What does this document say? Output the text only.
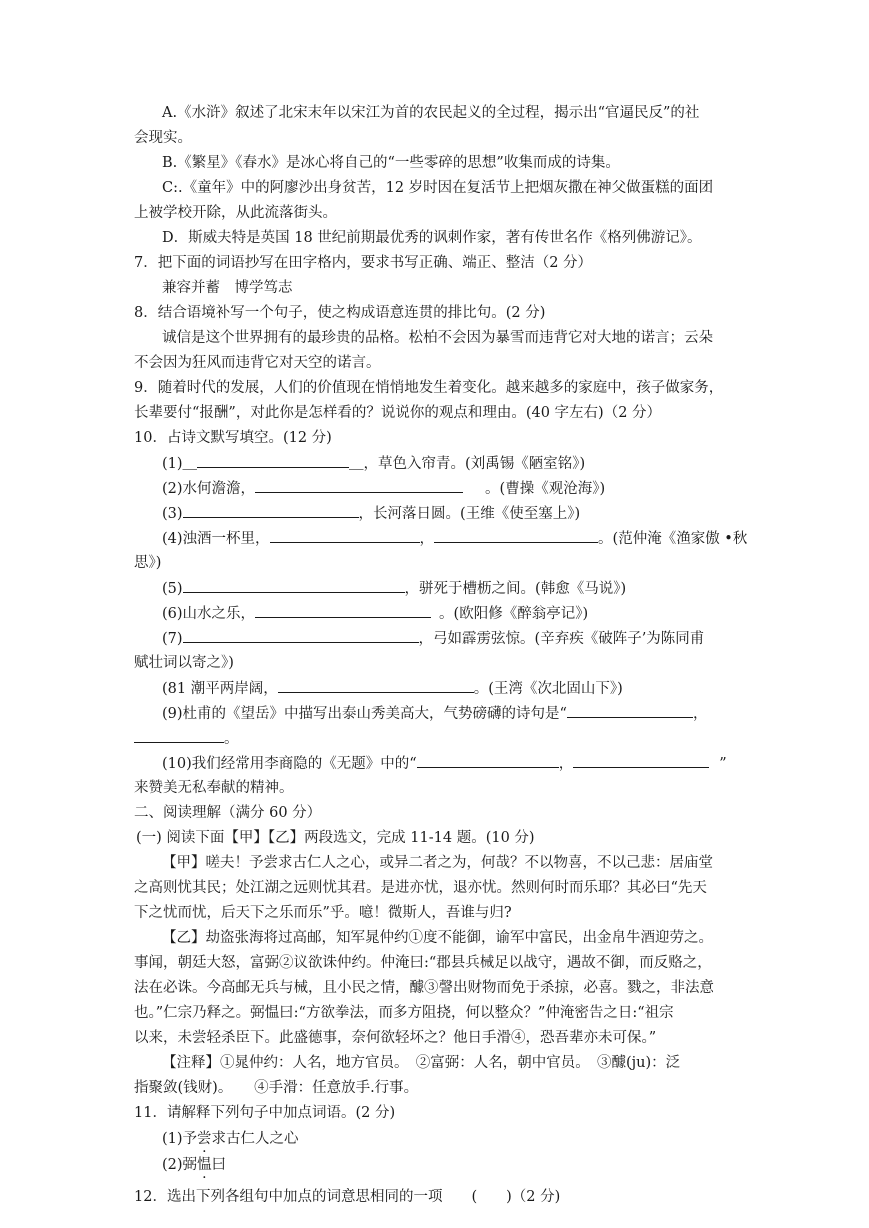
A.《水浒》叙述了北宋末年以宋江为首的农民起义的全过程，揭示出“官逼民反”的社
会现实。
B.《繁星》《春水》是冰心将自己的“一些零碎的思想”收集而成的诗集。
C:.《童年》中的阿廖沙出身贫苦，12 岁时因在复活节上把烟灰撒在神父做蛋糕的面团
上被学校开除，从此流落街头。
D．斯威夫特是英国 18 世纪前期最优秀的讽刺作家，著有传世名作《格列佛游记》。
7．把下面的词语抄写在田字格内，要求书写正确、端正、整洁（2 分）
兼容并蓄　博学笃志
8．结合语境补写一个句子，使之构成语意连贯的排比句。(2 分)
诚信是这个世界拥有的最珍贵的品格。松柏不会因为暴雪而违背它对大地的诺言；云朵
不会因为狂风而违背它对天空的诺言。
9．随着时代的发展，人们的价值现在悄悄地发生着变化。越来越多的家庭中，孩子做家务，
长辈要付“报酬”，对此你是怎样看的？说说你的观点和理由。(40 字左右)（2 分）
10．占诗文默写填空。(12 分)
(1)＿	＿，草色入帘青。(刘禹锡《陋室铭》)
(2)水何澹澹，	。(曹操《观沧海》)
(3)	，长河落日圆。(王维《使至塞上》)
(4)浊酒一杯里，	，	。(范仲淹《渔家傲 •秋
思》)
(5)	，骈死于槽枥之间。(韩愈《马说》)
(6)山水之乐，	。(欧阳修《醉翁亭记》)
(7)	，弓如霹雳弦惊。(辛弃疾《破阵子’为陈同甫
赋壮词以寄之》)
(81 潮平两岸阔，	。(王湾《次北固山下》)
(9)杜甫的《望岳》中描写出泰山秀美高大，气势磅礴的诗句是“	，
。
(10)我们经常用李商隐的《无题》中的“	，	”
来赞美无私奉献的精神。
二、阅读理解（满分 60 分）
(一) 阅读下面【甲】【乙】两段选文，完成 11-14 题。(10 分)
【甲】嗟夫！予尝求古仁人之心，或异二者之为，何哉？不以物喜，不以己悲：居庙堂
之高则忧其民；处江湖之远则忧其君。是进亦忧，退亦忧。然则何时而乐耶？其必曰“先天
下之忧而忧，后天下之乐而乐”乎。噫！微斯人，吾谁与归?
【乙】劫盗张海将过高邮，知军晁仲约①度不能御，谕军中富民，出金帛牛酒迎劳之。
事闻，朝廷大怒，富弼②议欲诛仲约。仲淹曰:“郡县兵械足以战守，遇故不御，而反赂之，
法在必诛。今高邮无兵与械，且小民之情，醵③謦出财物而免于杀掠，必喜。戮之，非法意
也。”仁宗乃释之。弼愠曰:“方欲拳法，而多方阻挠，何以整众？”仲淹密告之日:“祖宗
以来，未尝轻杀臣下。此盛德事，奈何欲轻坏之？他日手滑④，恐吾辈亦未可保。”
【注释】①晁仲约：人名，地方官员。　②富弼：人名，朝中官员。　③醵(ju)：泛
指聚敛(钱财)。　　④手滑：任意放手.行事。
11．请解释下列句子中加点词语。(2 分)
(1)予尝求古仁人之心
(2)弼愠曰
12．选出下列各组句中加点的词意思相同的一项　　(　　)（2 分)
